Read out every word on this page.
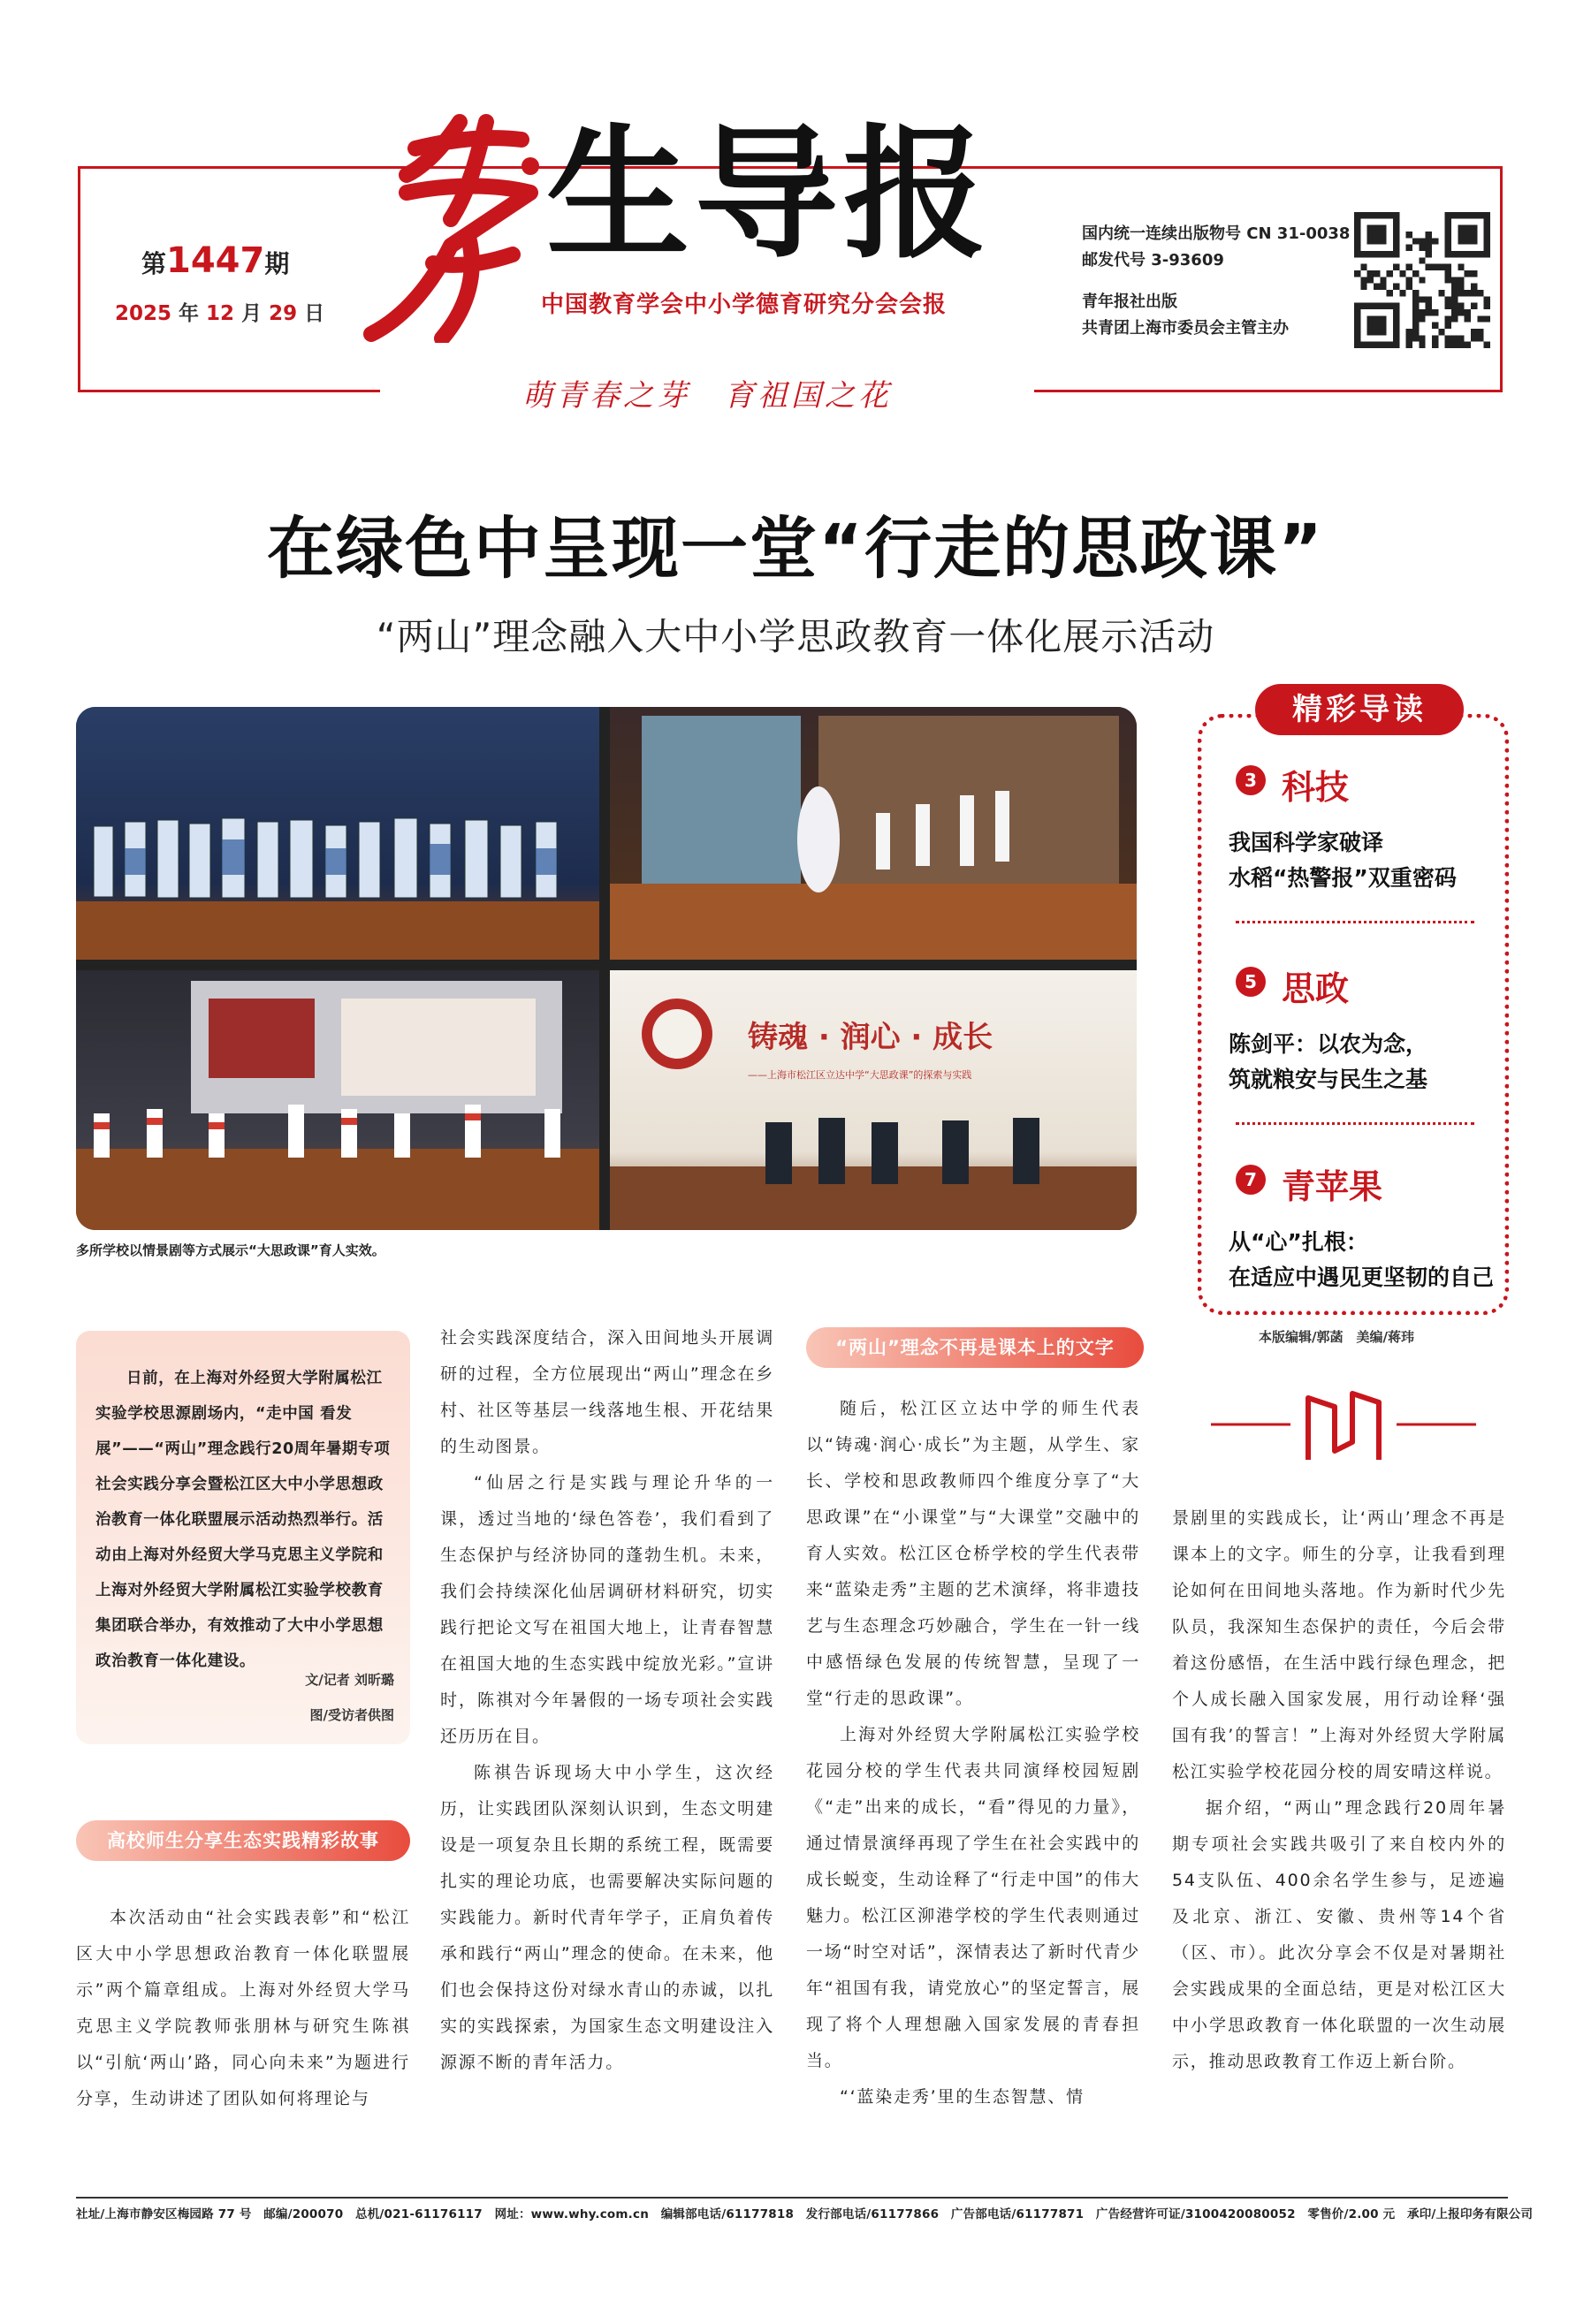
第1447期
2025 年 12 月 29 日
生导报
中国教育学会中小学德育研究分会会报
国内统一连续出版物号 CN 31-0038
邮发代号 3-93609
青年报社出版
共青团上海市委员会主管主办
萌青春之芽　育祖国之花
在绿色中呈现一堂“行走的思政课”
“两山”理念融入大中小学思政教育一体化展示活动
铸魂 · 润心 · 成长
——上海市松江区立达中学“大思政课”的探索与实践
多所学校以情景剧等方式展示“大思政课”育人实效。
精彩导读
3 科技
我国科学家破译
水稻“热警报”双重密码
5 思政
陈剑平：以农为念，
筑就粮安与民生之基
7 青苹果
从“心”扎根：
在适应中遇见更坚韧的自己
本版编辑/郭菡　美编/蒋玮
日前，在上海对外经贸大学附属松江实验学校思源剧场内，“走中国 看发展”——“两山”理念践行20周年暑期专项社会实践分享会暨松江区大中小学思想政治教育一体化联盟展示活动热烈举行。活动由上海对外经贸大学马克思主义学院和上海对外经贸大学附属松江实验学校教育集团联合举办，有效推动了大中小学思想政治教育一体化建设。
文/记者 刘昕璐
图/受访者供图
高校师生分享生态实践精彩故事
“两山”理念不再是课本上的文字

本次活动由“社会实践表彰”和“松江区大中小学思想政治教育一体化联盟展示”两个篇章组成。上海对外经贸大学马克思主义学院教师张朋林与研究生陈祺以“引航‘两山’路，同心向未来”为题进行分享，生动讲述了团队如何将理论与

社会实践深度结合，深入田间地头开展调研的过程，全方位展现出“两山”理念在乡村、社区等基层一线落地生根、开花结果的生动图景。

“仙居之行是实践与理论升华的一课，透过当地的‘绿色答卷’，我们看到了生态保护与经济协同的蓬勃生机。未来，我们会持续深化仙居调研材料研究，切实践行把论文写在祖国大地上，让青春智慧在祖国大地的生态实践中绽放光彩。”宣讲时，陈祺对今年暑假的一场专项社会实践还历历在目。

陈祺告诉现场大中小学生，这次经历，让实践团队深刻认识到，生态文明建设是一项复杂且长期的系统工程，既需要扎实的理论功底，也需要解决实际问题的实践能力。新时代青年学子，正肩负着传承和践行“两山”理念的使命。在未来，他们也会保持这份对绿水青山的赤诚，以扎实的实践探索，为国家生态文明建设注入源源不断的青年活力。

随后，松江区立达中学的师生代表以“铸魂·润心·成长”为主题，从学生、家长、学校和思政教师四个维度分享了“大思政课”在“小课堂”与“大课堂”交融中的育人实效。松江区仓桥学校的学生代表带来“蓝染走秀”主题的艺术演绎，将非遗技艺与生态理念巧妙融合，学生在一针一线中感悟绿色发展的传统智慧，呈现了一堂“行走的思政课”。

上海对外经贸大学附属松江实验学校花园分校的学生代表共同演绎校园短剧《“走”出来的成长，“看”得见的力量》，通过情景演绎再现了学生在社会实践中的成长蜕变，生动诠释了“行走中国”的伟大魅力。松江区泖港学校的学生代表则通过一场“时空对话”，深情表达了新时代青少年“祖国有我，请党放心”的坚定誓言，展现了将个人理想融入国家发展的青春担当。

“‘蓝染走秀’里的生态智慧、情

景剧里的实践成长，让‘两山’理念不再是课本上的文字。师生的分享，让我看到理论如何在田间地头落地。作为新时代少先队员，我深知生态保护的责任，今后会带着这份感悟，在生活中践行绿色理念，把个人成长融入国家发展，用行动诠释‘强国有我’的誓言！”上海对外经贸大学附属松江实验学校花园分校的周安晴这样说。

据介绍，“两山”理念践行20周年暑期专项社会实践共吸引了来自校内外的54支队伍、400余名学生参与，足迹遍及北京、浙江、安徽、贵州等14个省（区、市）。此次分享会不仅是对暑期社会实践成果的全面总结，更是对松江区大中小学思政教育一体化联盟的一次生动展示，推动思政教育工作迈上新台阶。

社址/上海市静安区梅园路 77 号　邮编/200070　总机/021-61176117　网址：www.why.com.cn　编辑部电话/61177818　发行部电话/61177866　广告部电话/61177871　广告经营许可证/3100420080052　零售价/2.00 元　承印/上报印务有限公司
